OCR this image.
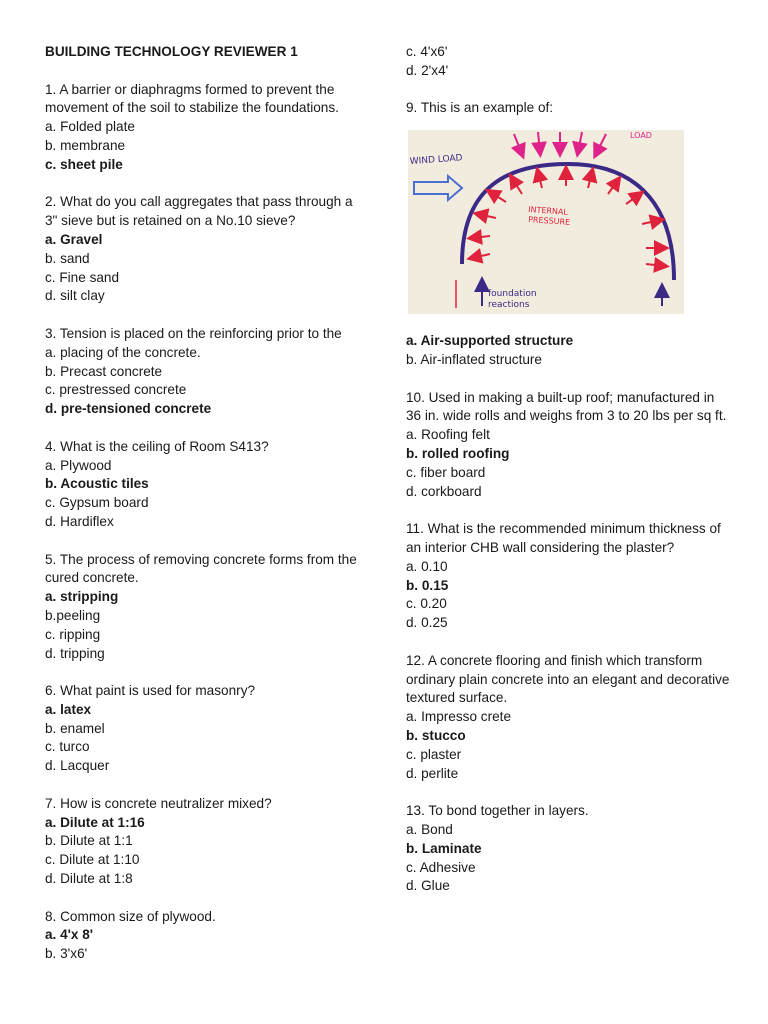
BUILDING TECHNOLOGY REVIEWER 1
1. A barrier or diaphragms formed to prevent the movement of the soil to stabilize the foundations.
a. Folded plate
b. membrane
c. sheet pile
2. What do you call aggregates that pass through a 3" sieve but is retained on a No.10 sieve?
a. Gravel
b. sand
c. Fine sand
d. silt clay
3. Tension is placed on the reinforcing prior to the
a. placing of the concrete.
b. Precast concrete
c. prestressed concrete
d. pre-tensioned concrete
4. What is the ceiling of Room S413?
a. Plywood
b. Acoustic tiles
c. Gypsum board
d. Hardiflex
5. The process of removing concrete forms from the cured concrete.
a. stripping
b.peeling
c. ripping
d. tripping
6. What paint is used for masonry?
a. latex
b. enamel
c. turco
d. Lacquer
7. How is concrete neutralizer mixed?
a. Dilute at 1:16
b. Dilute at 1:1
c. Dilute at 1:10
d. Dilute at 1:8
8. Common size of plywood.
a. 4'x 8'
b. 3'x6'
c. 4'x6'
d. 2'x4'
9. This is an example of:
WIND LOAD
LOAD
INTERNAL
PRESSURE
foundation
reactions
a. Air-supported structure
b. Air-inflated structure
10. Used in making a built-up roof; manufactured in 36 in. wide rolls and weighs from 3 to 20 lbs per sq ft.
a. Roofing felt
b. rolled roofing
c. fiber board
d. corkboard
11. What is the recommended minimum thickness of an interior CHB wall considering the plaster?
a. 0.10
b. 0.15
c. 0.20
d. 0.25
12. A concrete flooring and finish which transform ordinary plain concrete into an elegant and decorative textured surface.
a. Impresso crete
b. stucco
c. plaster
d. perlite
13. To bond together in layers.
a. Bond
b. Laminate
c. Adhesive
d. Glue
